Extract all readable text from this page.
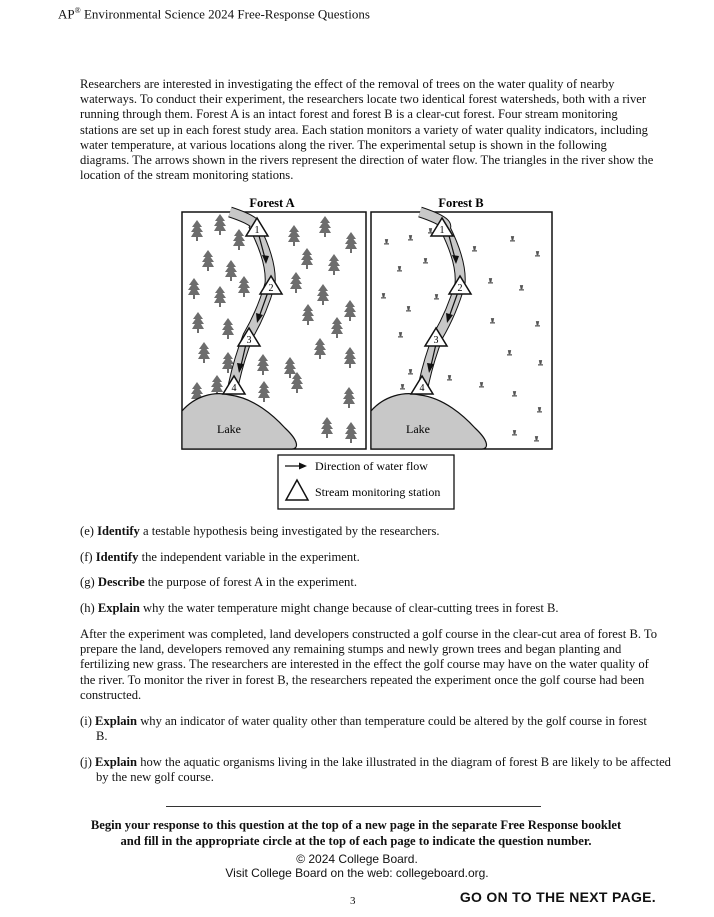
AP® Environmental Science 2024 Free-Response Questions

Researchers are interested in investigating the effect of the removal of trees on the water quality of nearby waterways. To conduct their experiment, the researchers locate two identical forest watersheds, both with a river running through them. Forest A is an intact forest and forest B is a clear-cut forest. Four stream monitoring stations are set up in each forest study area. Each station monitors a variety of water quality indicators, including water temperature, at various locations along the river. The experimental setup is shown in the following diagrams. The arrows shown in the rivers represent the direction of water flow. The triangles in the river show the location of the stream monitoring stations.

Forest A
Lake
1
2
3
4
Forest B
Lake
1
2
3
4
Direction of water flow
Stream monitoring station

(e) Identify a testable hypothesis being investigated by the researchers.

(f) Identify the independent variable in the experiment.

(g) Describe the purpose of forest A in the experiment.

(h) Explain why the water temperature might change because of clear-cutting trees in forest B.

After the experiment was completed, land developers constructed a golf course in the clear-cut area of forest B. To prepare the land, developers removed any remaining stumps and newly grown trees and began planting and fertilizing new grass. The researchers are interested in the effect the golf course may have on the water quality of the river. To monitor the river in forest B, the researchers repeated the experiment once the golf course had been constructed.

(i) Explain why an indicator of water quality other than temperature could be altered by the golf course in forest B.

(j) Explain how the aquatic organisms living in the lake illustrated in the diagram of forest B are likely to be affected by the new golf course.

Begin your response to this question at the top of a new page in the separate Free Response booklet
and fill in the appropriate circle at the top of each page to indicate the question number.

© 2024 College Board.
Visit College Board on the web: collegeboard.org.
GO ON TO THE NEXT PAGE.
3
